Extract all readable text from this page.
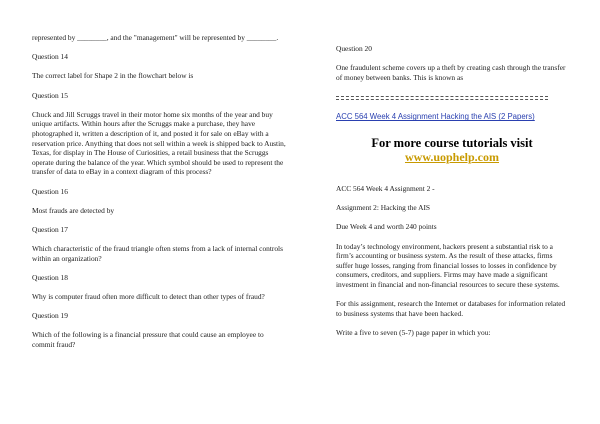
represented by ________, and the "management" will be represented by ________.

Question 14

The correct label for Shape 2 in the flowchart below is

Question 15

Chuck and Jill Scruggs travel in their motor home six months of the year and buy unique artifacts. Within hours after the Scruggs make a purchase, they have photographed it, written a description of it, and posted it for sale on eBay with a reservation price. Anything that does not sell within a week is shipped back to Austin, Texas, for display in The House of Curiosities, a retail business that the Scruggs operate during the balance of the year. Which symbol should be used to represent the transfer of data to eBay in a context diagram of this process?

Question 16

Most frauds are detected by

Question 17

Which characteristic of the fraud triangle often stems from a lack of internal controls within an organization?

Question 18

Why is computer fraud often more difficult to detect than other types of fraud?

Question 19

Which of the following is a financial pressure that could cause an employee to commit fraud?

Question 20

One fraudulent scheme covers up a theft by creating cash through the transfer of money between banks. This is known as

ACC 564 Week 4 Assignment Hacking the AIS (2 Papers)

For more course tutorials visit

www.uophelp.com

ACC 564 Week 4 Assignment 2 -

Assignment 2: Hacking the AIS

Due Week 4 and worth 240 points

In today’s technology environment, hackers present a substantial risk to a firm’s accounting or business system. As the result of these attacks, firms suffer huge losses, ranging from financial losses to losses in confidence by consumers, creditors, and suppliers. Firms may have made a significant investment in financial and non-financial resources to secure these systems.

For this assignment, research the Internet or databases for information related to business systems that have been hacked.

Write a five to seven (5-7) page paper in which you:
